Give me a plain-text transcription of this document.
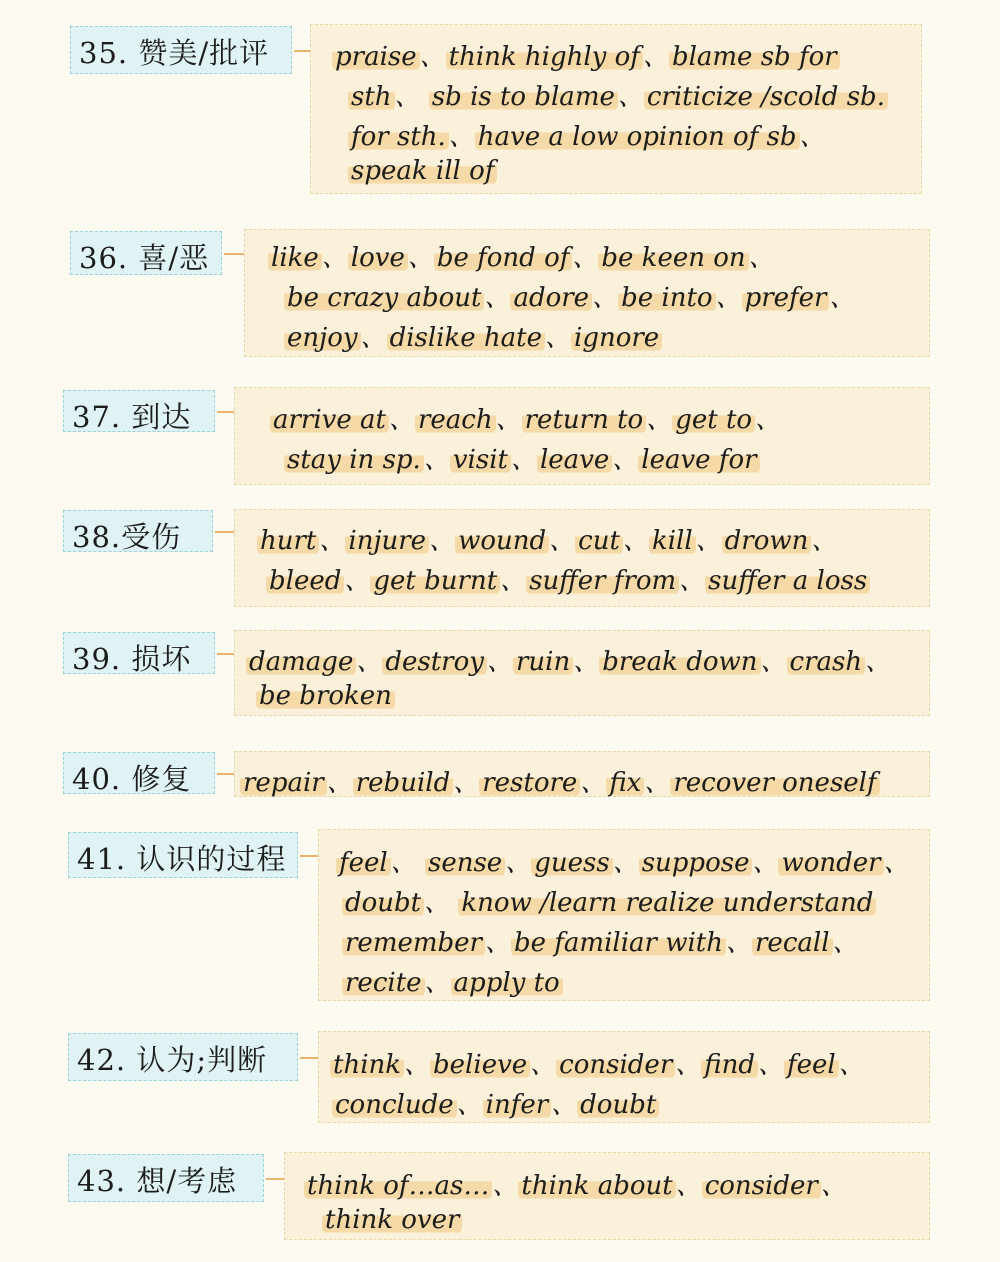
35. 赞美/批评	praise 、 think highly of 、 blame sb for
sth 、 sb is to blame 、 criticize /scold sb.
for sth. 、 have a low opinion of sb 、
speak ill of
36. 喜/恶	like 、 love 、 be fond of 、 be keen on 、
be crazy about 、 adore 、 be into 、 prefer 、
enjoy 、 dislike hate 、 ignore
37. 到达	arrive at 、 reach 、 return to 、 get to 、
stay in sp. 、 visit 、 leave 、 leave for
38.受伤	hurt 、 injure 、 wound 、 cut 、 kill 、 drown 、
bleed 、 get burnt 、 suffer from 、 suffer a loss
39. 损坏	damage 、 destroy 、 ruin 、 break down 、 crash 、
be broken
40. 修复	repair 、 rebuild 、 restore 、 fix 、 recover oneself
41. 认识的过程	feel 、 sense 、 guess 、 suppose 、 wonder 、
doubt 、 know /learn realize understand
remember 、 be familiar with 、 recall 、
recite 、 apply to
42. 认为;判断	think 、 believe 、 consider 、 find 、 feel 、
conclude 、 infer 、 doubt
43. 想/考虑	think of…as… 、 think about 、 consider 、
think over
